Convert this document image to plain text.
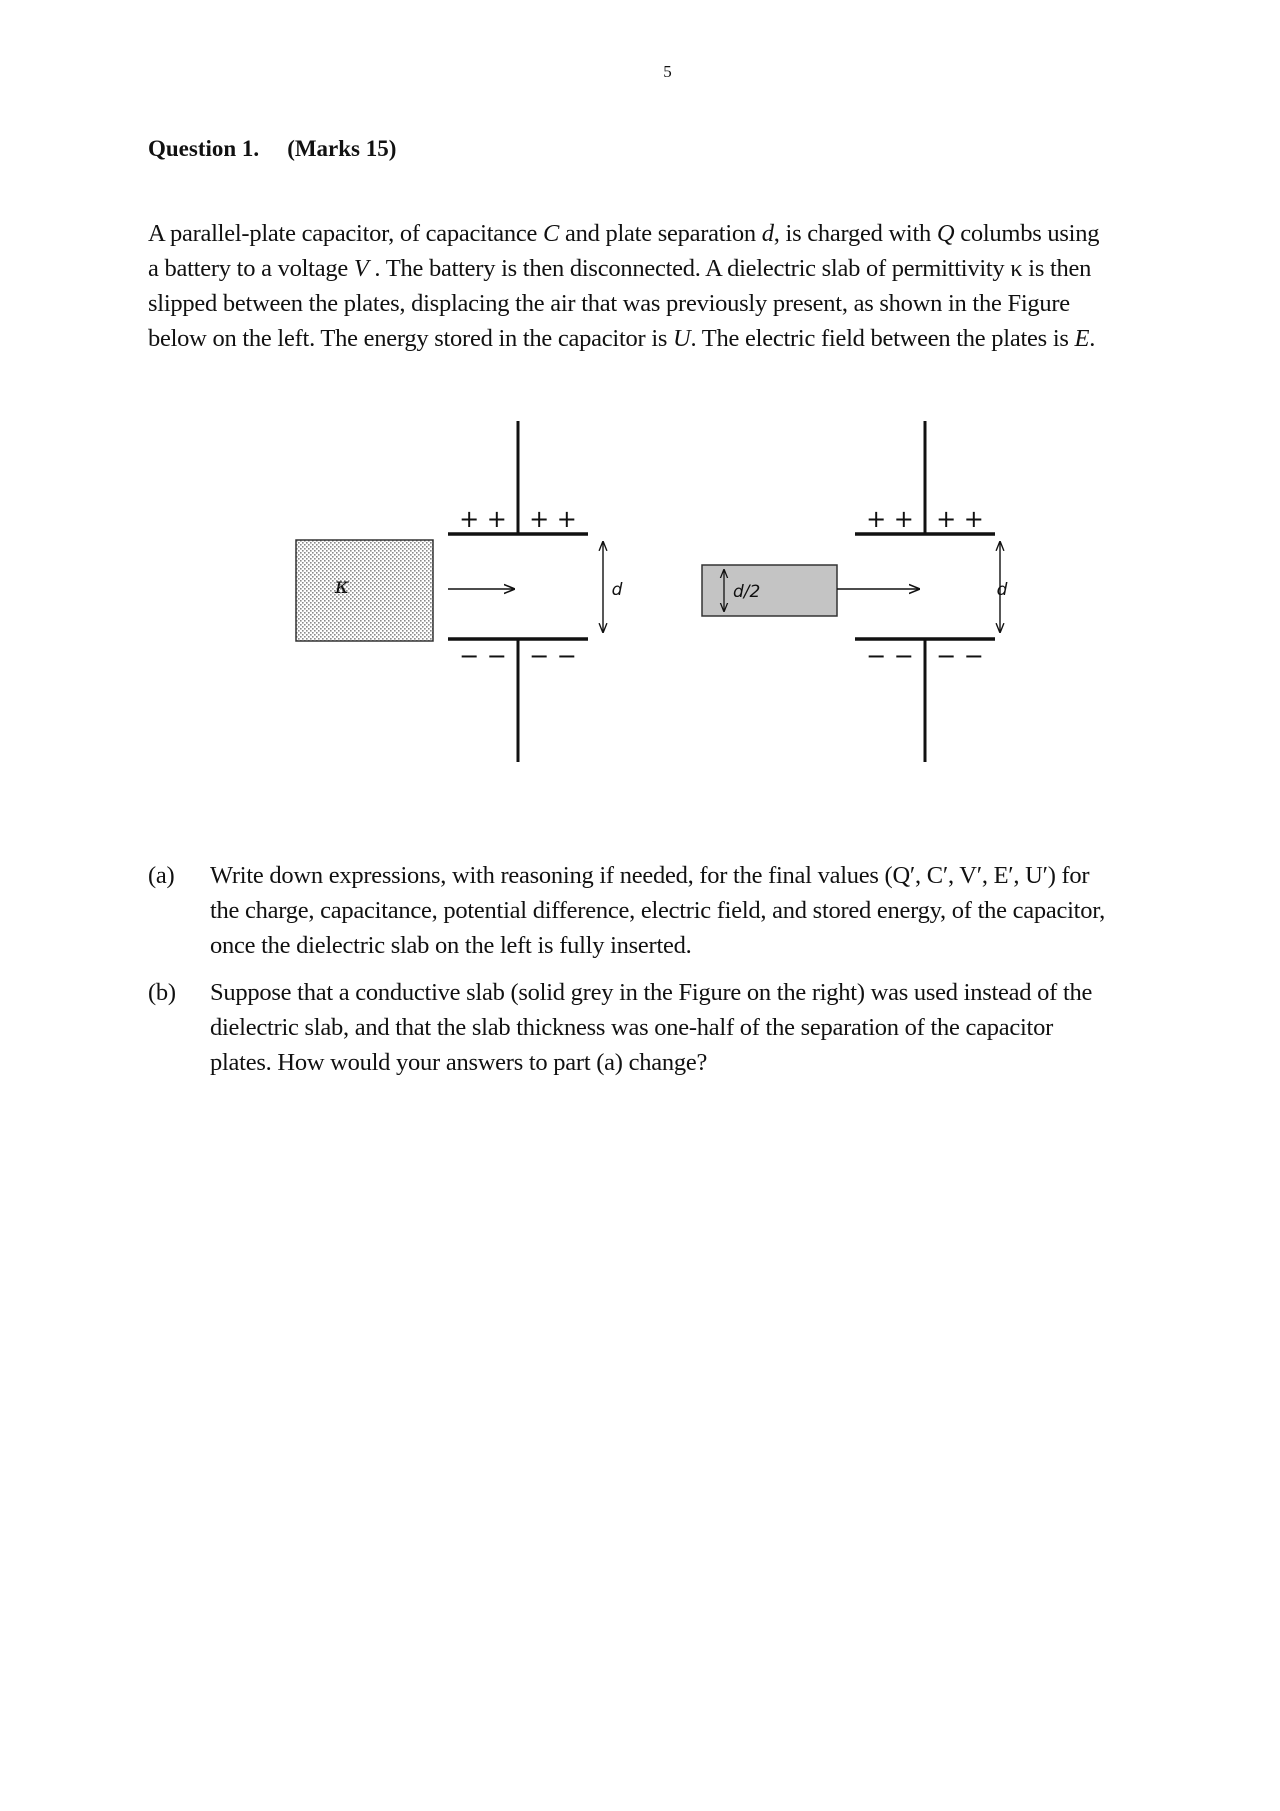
5
Question 1. (Marks 15)
A parallel-plate capacitor, of capacitance C and plate separation d, is charged with Q columbs using
a battery to a voltage V . The battery is then disconnected. A dielectric slab of permittivity κ is then
slipped between the plates, displacing the air that was previously present, as shown in the Figure
below on the left. The energy stored in the capacitor is U. The electric field between the plates is E.
+ + + +
− − − −
κ	d
+ + + +
− − − −
d/2	d
(a) Write down expressions, with reasoning if needed, for the final values (Q′, C′, V′, E′, U′) for
the charge, capacitance, potential difference, electric field, and stored energy, of the capacitor,
once the dielectric slab on the left is fully inserted.
(b) Suppose that a conductive slab (solid grey in the Figure on the right) was used instead of the
dielectric slab, and that the slab thickness was one-half of the separation of the capacitor
plates. How would your answers to part (a) change?
